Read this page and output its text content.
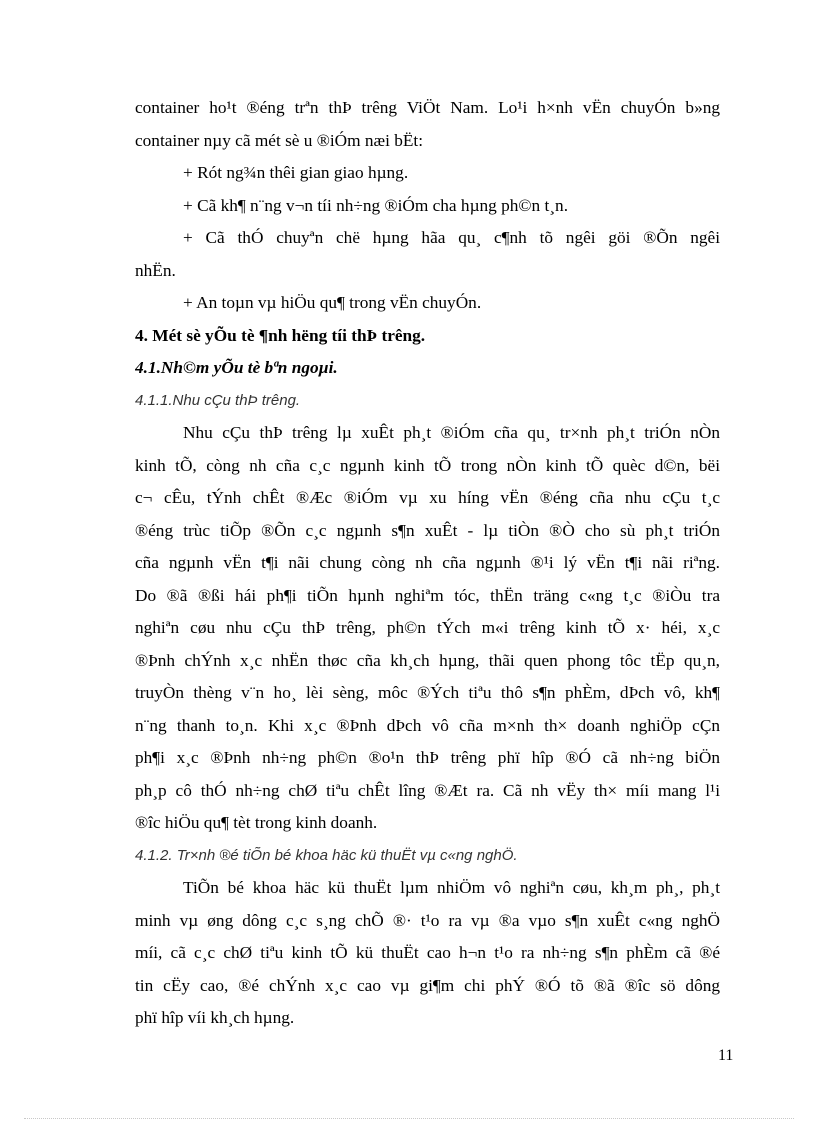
container ho¹t ®éng trªn thÞ trêng ViÖt Nam. Lo¹i h×nh vËn chuyÓn b»ng
container nµy cã mét sè u ®iÓm næi bËt:
+ Rót ng¾n thêi gian giao hµng.
+ Cã kh¶ n¨ng v¬n tíi nh÷ng ®iÓm cha hµng ph©n t¸n.
+ Cã thÓ chuyªn chë hµng hãa qu¸ c¶nh tõ ngêi göi ®Õn ngêi
nhËn.
+ An toµn vµ hiÖu qu¶ trong vËn chuyÓn.
4. Mét sè yÕu tè ¶nh hëng tíi thÞ trêng.
4.1.Nh©m yÕu tè bªn ngoµi.
4.1.1.Nhu cÇu thÞ trêng.
Nhu cÇu thÞ trêng lµ xuÊt ph¸t ®iÓm cña qu¸ tr×nh ph¸t triÓn nÒn
kinh tÕ, còng nh cña c¸c ngµnh kinh tÕ trong nÒn kinh tÕ quèc d©n, bëi
c¬ cÊu, tÝnh chÊt ®Æc ®iÓm vµ xu híng vËn ®éng cña nhu cÇu t¸c
®éng trùc tiÕp ®Õn c¸c ngµnh s¶n xuÊt - lµ tiÒn ®Ò cho sù ph¸t triÓn
cña ngµnh vËn t¶i nãi chung còng nh cña ngµnh ®¹i lý vËn t¶i nãi riªng.
Do ®ã ®ßi hái ph¶i tiÕn hµnh nghiªm tóc, thËn träng c«ng t¸c ®iÒu tra
nghiªn cøu nhu cÇu thÞ trêng, ph©n tÝch m«i trêng kinh tÕ x· héi, x¸c
®Þnh chÝnh x¸c nhËn thøc cña kh¸ch hµng, thãi quen phong tôc tËp qu¸n,
truyÒn thèng v¨n ho¸ lèi sèng, môc ®Ých tiªu thô s¶n phÈm, dÞch vô, kh¶
n¨ng thanh to¸n. Khi x¸c ®Þnh dÞch vô cña m×nh th× doanh nghiÖp cÇn
ph¶i x¸c ®Þnh nh÷ng ph©n ®o¹n thÞ trêng phï hîp ®Ó cã nh÷ng biÖn
ph¸p cô thÓ nh÷ng chØ tiªu chÊt lîng ®Æt ra. Cã nh vËy th× míi mang l¹i
®îc hiÖu qu¶ tèt trong kinh doanh.
4.1.2. Tr×nh ®é tiÕn bé khoa häc kü thuËt vµ c«ng nghÖ.
TiÕn bé khoa häc kü thuËt lµm nhiÖm vô nghiªn cøu, kh¸m ph¸, ph¸t
minh vµ øng dông c¸c s¸ng chÕ ®· t¹o ra vµ ®a vµo s¶n xuÊt c«ng nghÖ
míi, cã c¸c chØ tiªu kinh tÕ kü thuËt cao h¬n t¹o ra nh÷ng s¶n phÈm cã ®é
tin cËy cao, ®é chÝnh x¸c cao vµ gi¶m chi phÝ ®Ó tõ ®ã ®îc sö dông
phï hîp víi kh¸ch hµng.
11
